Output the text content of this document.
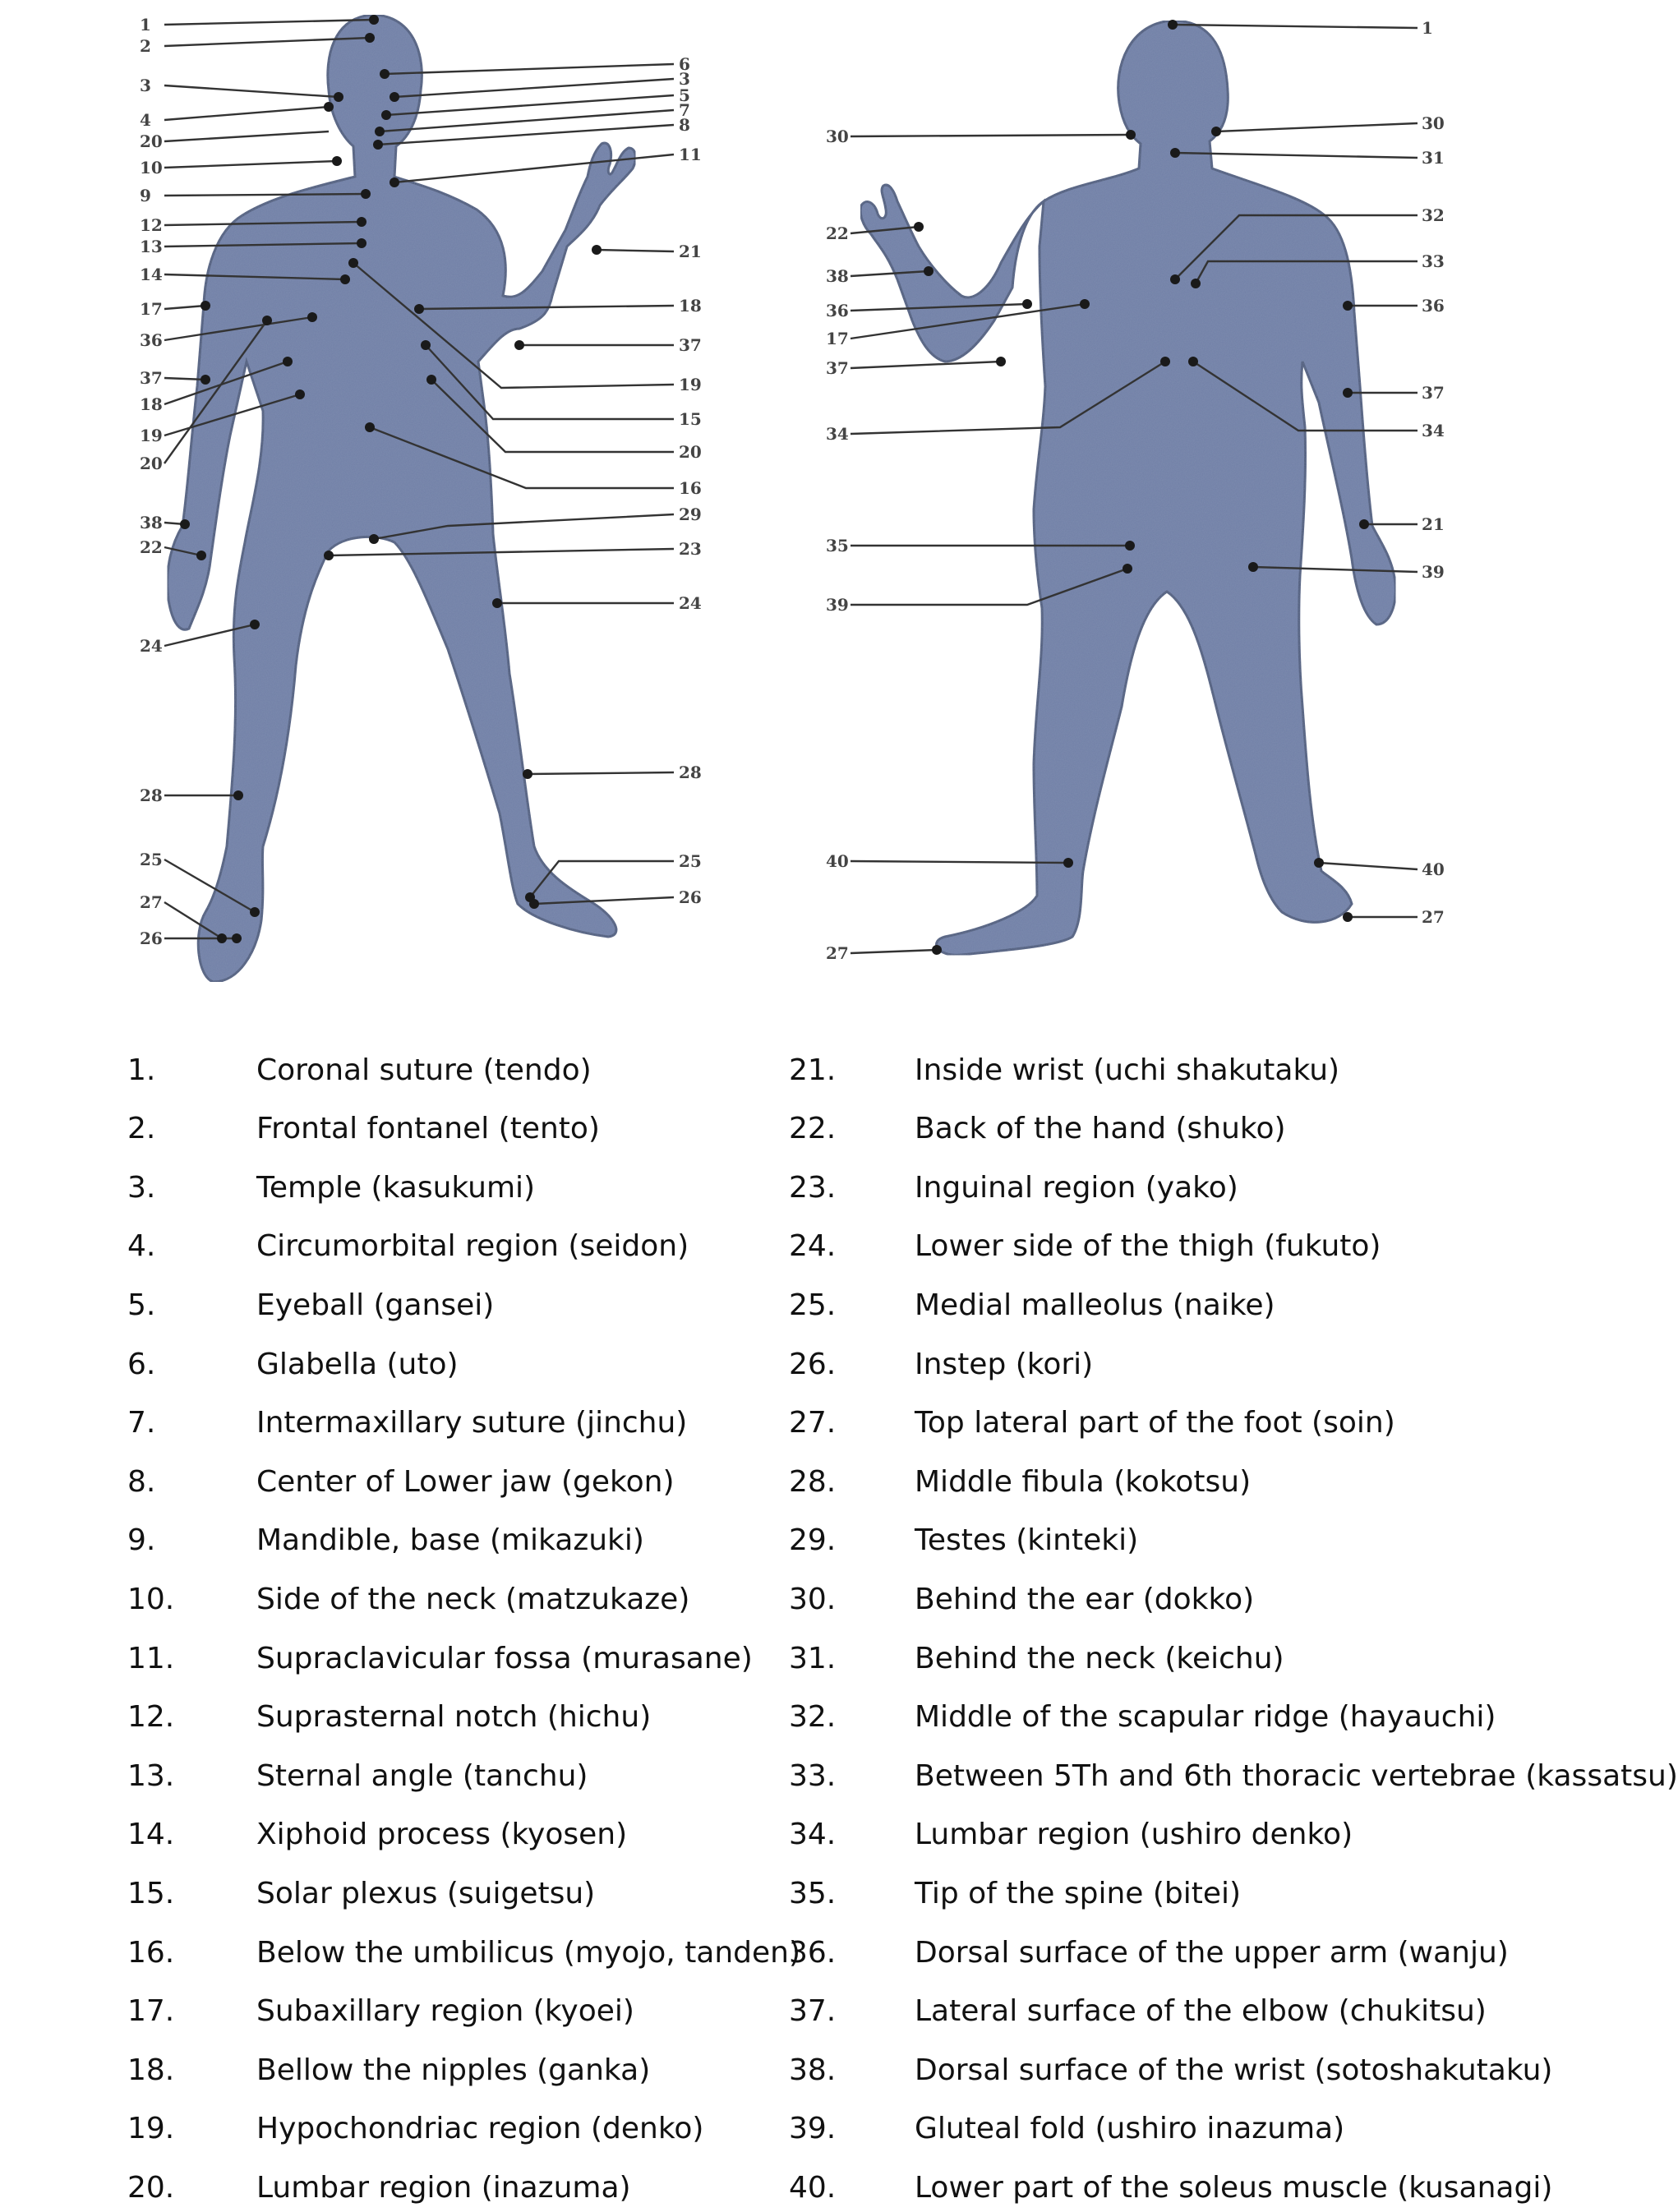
1
2
3
4
20
10
9
12
13
14
17
36
37
18
19
20
38
22
24
28
25
27
26
6
3
5
7
8
11
21
18
37
19
15
20
16
29
23
24
28
25
26
30
22
38
36
17
37
34
35
39
40
27
1
30
31
32
33
36
37
34
21
39
40
27
1.	Coronal suture (tendo)
2.	Frontal fontanel (tento)
3.	Temple (kasukumi)
4.	Circumorbital region (seidon)
5.	Eyeball (gansei)
6.	Glabella (uto)
7.	Intermaxillary suture (jinchu)
8.	Center of Lower jaw (gekon)
9.	Mandible, base (mikazuki)
10.	Side of the neck (matzukaze)
11.	Supraclavicular fossa (murasane)
12.	Suprasternal notch (hichu)
13.	Sternal angle (tanchu)
14.	Xiphoid process (kyosen)
15.	Solar plexus (suigetsu)
16.	Below the umbilicus (myojo, tanden)
17.	Subaxillary region (kyoei)
18.	Bellow the nipples (ganka)
19.	Hypochondriac region (denko)
20.	Lumbar region (inazuma)
21.	Inside wrist (uchi shakutaku)
22.	Back of the hand (shuko)
23.	Inguinal region (yako)
24.	Lower side of the thigh (fukuto)
25.	Medial malleolus (naike)
26.	Instep (kori)
27.	Top lateral part of the foot (soin)
28.	Middle fibula (kokotsu)
29.	Testes (kinteki)
30.	Behind the ear (dokko)
31.	Behind the neck (keichu)
32.	Middle of the scapular ridge (hayauchi)
33.	Between 5Th and 6th thoracic vertebrae (kassatsu)
34.	Lumbar region (ushiro denko)
35.	Tip of the spine (bitei)
36.	Dorsal surface of the upper arm (wanju)
37.	Lateral surface of the elbow (chukitsu)
38.	Dorsal surface of the wrist (sotoshakutaku)
39.	Gluteal fold (ushiro inazuma)
40.	Lower part of the soleus muscle (kusanagi)
